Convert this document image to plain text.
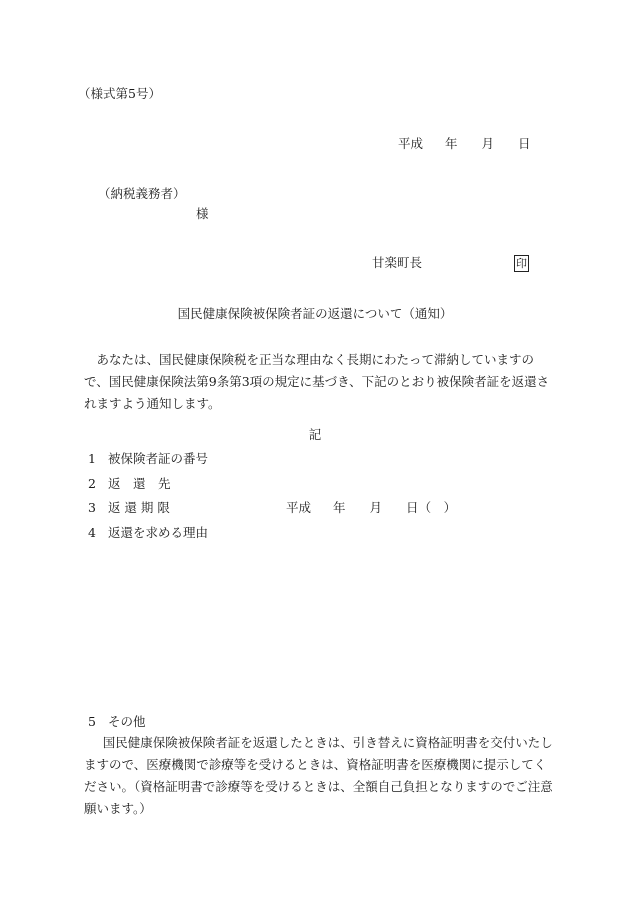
（様式第5号）
平成 年 月 日
（納税義務者）
様
甘楽町長	印
国民健康保険被保険者証の返還について（通知）
あなたは、国民健康保険税を正当な理由なく長期にわたって滞納していますので、国民健康保険法第9条第3項の規定に基づき、下記のとおり被保険者証を返還されますよう通知します。
記
1 被保険者証の番号
2 返　還　先
3 返 還 期 限	平成 年 月 日（　）
4 返還を求める理由
5 その他
国民健康保険被保険者証を返還したときは、引き替えに資格証明書を交付いたしますので、医療機関で診療等を受けるときは、資格証明書を医療機関に提示してください。（資格証明書で診療等を受けるときは、全額自己負担となりますのでご注意願います。）
